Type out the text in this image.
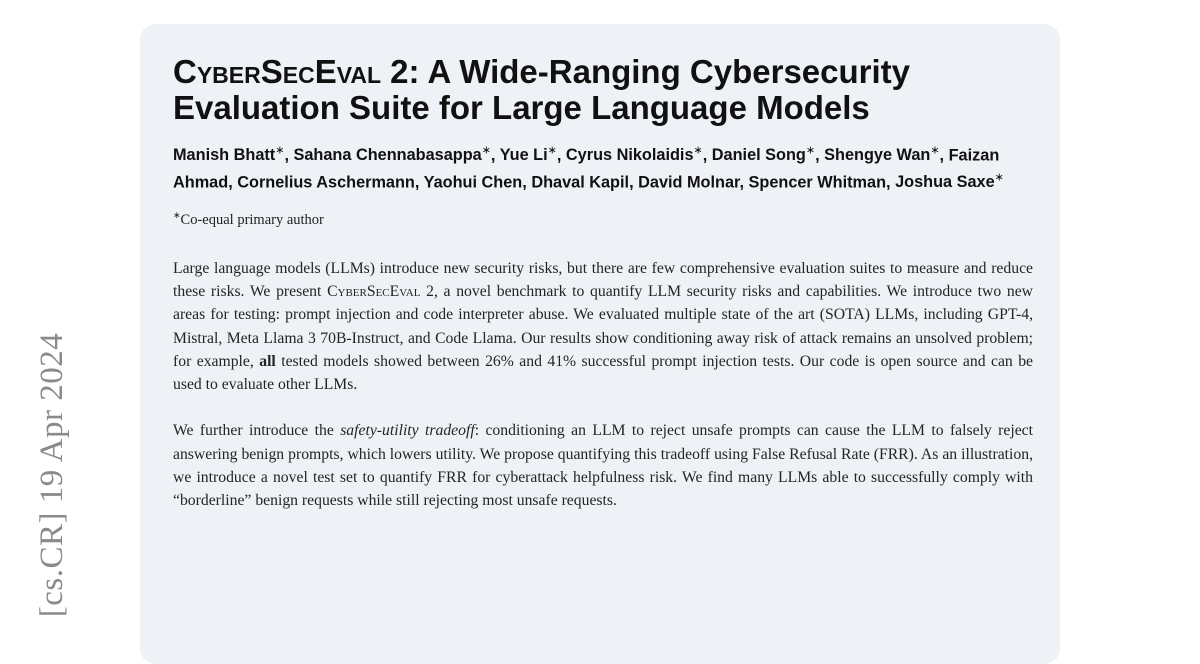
[cs.CR] 19 Apr 2024
CyberSecEval 2: A Wide-Ranging Cybersecurity Evaluation Suite for Large Language Models
Manish Bhatt∗, Sahana Chennabasappa∗, Yue Li∗, Cyrus Nikolaidis∗, Daniel Song∗, Shengye Wan∗, Faizan Ahmad, Cornelius Aschermann, Yaohui Chen, Dhaval Kapil, David Molnar, Spencer Whitman, Joshua Saxe∗
∗Co-equal primary author

Large language models (LLMs) introduce new security risks, but there are few comprehensive evaluation suites to measure and reduce these risks. We present CyberSecEval 2, a novel benchmark to quantify LLM security risks and capabilities. We introduce two new areas for testing: prompt injection and code interpreter abuse. We evaluated multiple state of the art (SOTA) LLMs, including GPT-4, Mistral, Meta Llama 3 70B-Instruct, and Code Llama. Our results show conditioning away risk of attack remains an unsolved problem; for example, all tested models showed between 26% and 41% successful prompt injection tests. Our code is open source and can be used to evaluate other LLMs.

We further introduce the safety-utility tradeoff: conditioning an LLM to reject unsafe prompts can cause the LLM to falsely reject answering benign prompts, which lowers utility. We propose quantifying this tradeoff using False Refusal Rate (FRR). As an illustration, we introduce a novel test set to quantify FRR for cyberattack helpfulness risk. We find many LLMs able to successfully comply with “borderline” benign requests while still rejecting most unsafe requests.
